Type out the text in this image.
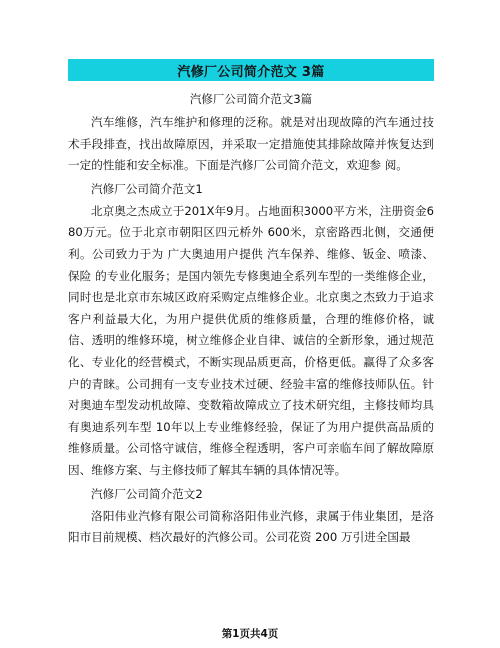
汽修厂公司简介范文 3篇

汽修厂公司简介范文3篇

汽车维修，汽车维护和修理的泛称。就是对出现故障的汽车通过技术手段排查，找出故障原因，并采取一定措施使其排除故障并恢复达到一定的性能和安全标准。下面是汽修厂公司简介范文，欢迎参 阅。

汽修厂公司简介范文1

北京奥之杰成立于201X年9月。占地面积3000平方米，注册资金680万元。位于北京市朝阳区四元桥外 600米，京密路西北侧，交通便利。公司致力于为 广大奥迪用户提供 汽车保养、维修、钣金、喷漆、保险 的专业化服务；是国内领先专修奥迪全系列车型的一类维修企业，同时也是北京市东城区政府采购定点维修企业。北京奥之杰致力于追求客户利益最大化，为用户提供优质的维修质量，合理的维修价格，诚信、透明的维修环境，树立维修企业自律、诚信的全新形象，通过规范化、专业化的经营模式，不断实现品质更高，价格更低。赢得了众多客户的青睐。公司拥有一支专业技术过硬、经验丰富的维修技师队伍。针对奥迪车型发动机故障、变数箱故障成立了技术研究组，主修技师均具有奥迪系列车型 10年以上专业维修经验，保证了为用户提供高品质的维修质量。公司恪守诚信，维修全程透明，客户可亲临车间了解故障原因、维修方案、与主修技师了解其车辆的具体情况等。

汽修厂公司简介范文2

洛阳伟业汽修有限公司简称洛阳伟业汽修，隶属于伟业集团，是洛阳市目前规模、档次最好的汽修公司。公司花资 200 万引进全国最

第1页共4页
